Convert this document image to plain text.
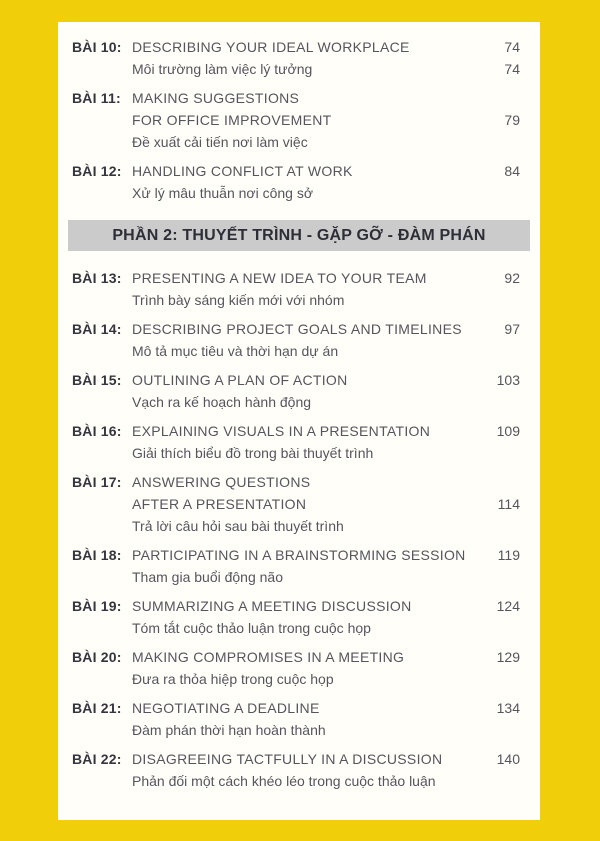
BÀI 10: DESCRIBING YOUR IDEAL WORKPLACE	74
Môi trường làm việc lý tưởng	74
BÀI 11: MAKING SUGGESTIONS
FOR OFFICE IMPROVEMENT	79
Đề xuất cải tiến nơi làm việc
BÀI 12: HANDLING CONFLICT AT WORK	84
Xử lý mâu thuẫn nơi công sở
PHẦN 2: THUYẾT TRÌNH - GẶP GỠ - ĐÀM PHÁN
BÀI 13: PRESENTING A NEW IDEA TO YOUR TEAM	92
Trình bày sáng kiến mới với nhóm
BÀI 14: DESCRIBING PROJECT GOALS AND TIMELINES	97
Mô tả mục tiêu và thời hạn dự án
BÀI 15: OUTLINING A PLAN OF ACTION	103
Vạch ra kế hoạch hành động
BÀI 16: EXPLAINING VISUALS IN A PRESENTATION	109
Giải thích biểu đồ trong bài thuyết trình
BÀI 17: ANSWERING QUESTIONS
AFTER A PRESENTATION	114
Trả lời câu hỏi sau bài thuyết trình
BÀI 18: PARTICIPATING IN A BRAINSTORMING SESSION	119
Tham gia buổi động não
BÀI 19: SUMMARIZING A MEETING DISCUSSION	124
Tóm tắt cuộc thảo luận trong cuộc họp
BÀI 20: MAKING COMPROMISES IN A MEETING	129
Đưa ra thỏa hiệp trong cuộc họp
BÀI 21: NEGOTIATING A DEADLINE	134
Đàm phán thời hạn hoàn thành
BÀI 22: DISAGREEING TACTFULLY IN A DISCUSSION	140
Phản đối một cách khéo léo trong cuộc thảo luận
